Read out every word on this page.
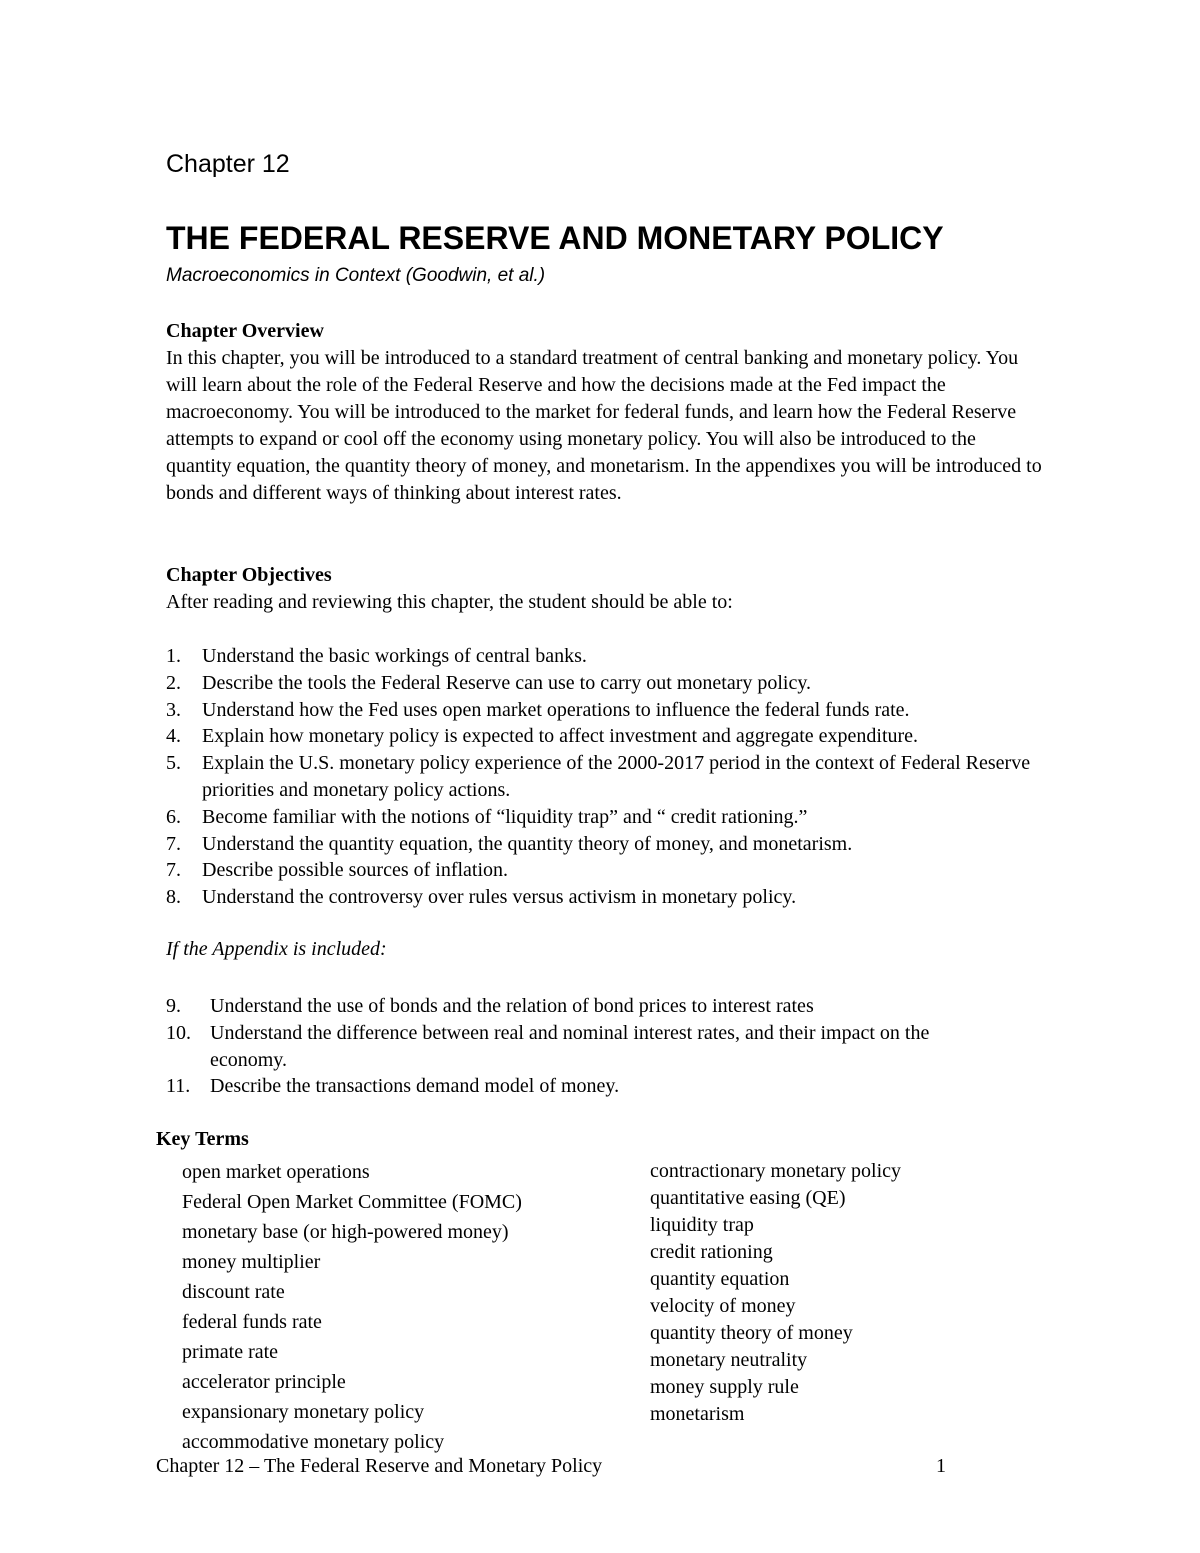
Chapter 12
THE FEDERAL RESERVE AND MONETARY POLICY

Macroeconomics in Context (Goodwin, et al.)

Chapter Overview

In this chapter, you will be introduced to a standard treatment of central banking and monetary policy. You will learn about the role of the Federal Reserve and how the decisions made at the Fed impact the macroeconomy. You will be introduced to the market for federal funds, and learn how the Federal Reserve attempts to expand or cool off the economy using monetary policy. You will also be introduced to the quantity equation, the quantity theory of money, and monetarism. In the appendixes you will be introduced to bonds and different ways of thinking about interest rates.

Chapter Objectives

After reading and reviewing this chapter, the student should be able to:

1. Understand the basic workings of central banks.
2. Describe the tools the Federal Reserve can use to carry out monetary policy.
3. Understand how the Fed uses open market operations to influence the federal funds rate.
4. Explain how monetary policy is expected to affect investment and aggregate expenditure.
5. Explain the U.S. monetary policy experience of the 2000-2017 period in the context of Federal Reserve priorities and monetary policy actions.
6. Become familiar with the notions of “liquidity trap” and “ credit rationing.”
7. Understand the quantity equation, the quantity theory of money, and monetarism.
7. Describe possible sources of inflation.
8. Understand the controversy over rules versus activism in monetary policy.

If the Appendix is included:

9. Understand the use of bonds and the relation of bond prices to interest rates
10. Understand the difference between real and nominal interest rates, and their impact on the economy.
11. Describe the transactions demand model of money.
Key Terms
open market operations
Federal Open Market Committee (FOMC)
monetary base (or high-powered money)
money multiplier
discount rate
federal funds rate
primate rate
accelerator principle
expansionary monetary policy
accommodative monetary policy
contractionary monetary policy
quantitative easing (QE)
liquidity trap
credit rationing
quantity equation
velocity of money
quantity theory of money
monetary neutrality
money supply rule
monetarism
Chapter 12 – The Federal Reserve and Monetary Policy	1
